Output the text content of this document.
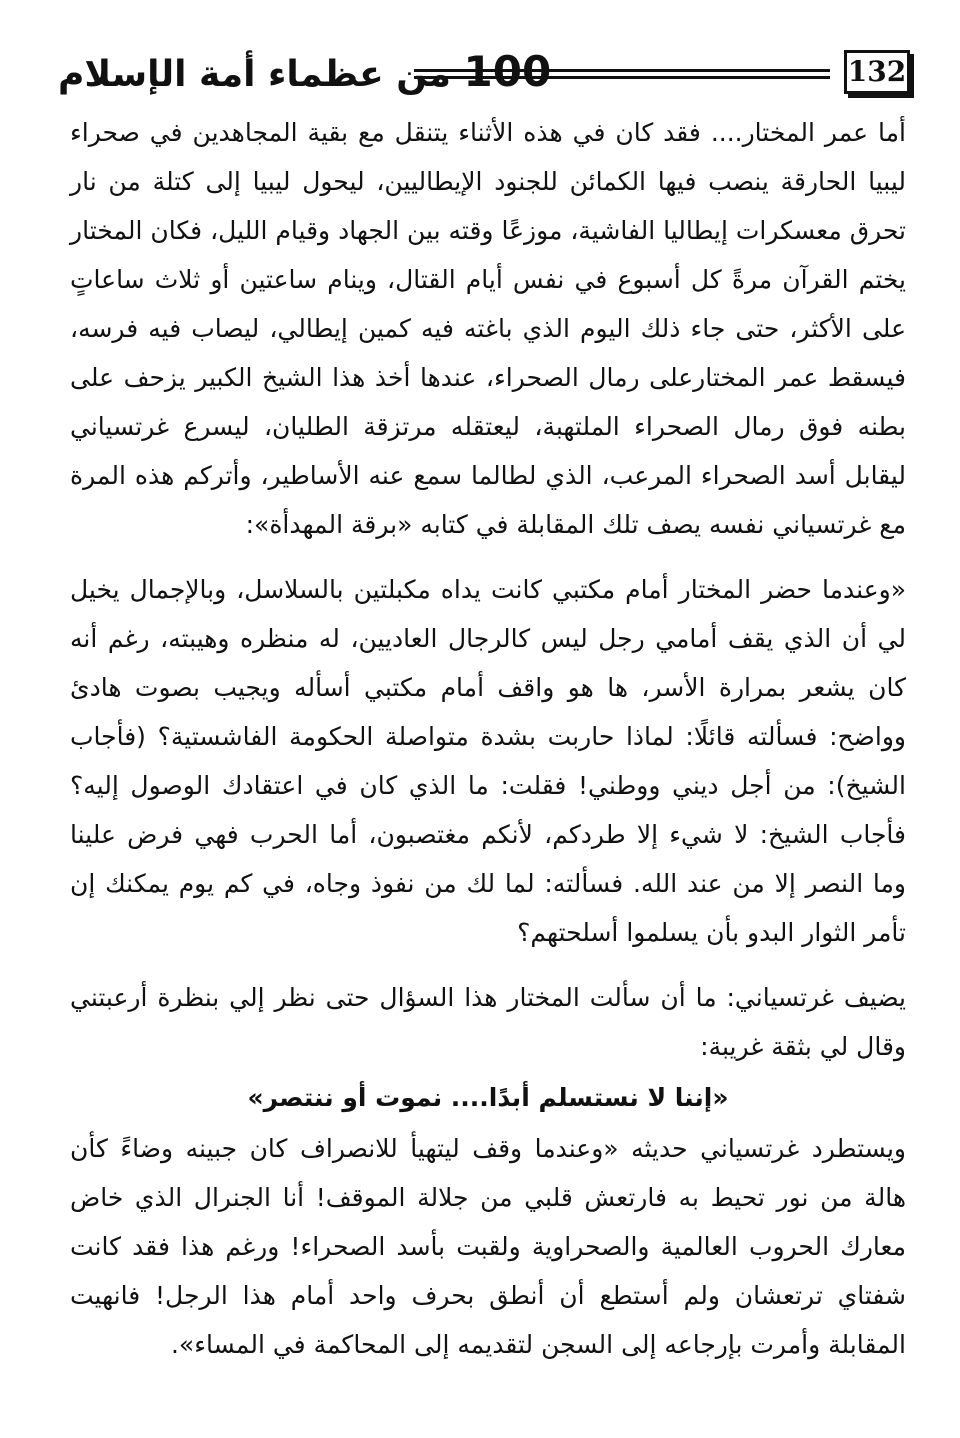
100 من عظماء أمة الإسلام	132

أما عمر المختار.... فقد كان في هذه الأثناء يتنقل مع بقية المجاهدين في صحراء ليبيا الحارقة ينصب فيها الكمائن للجنود الإيطاليين، ليحول ليبيا إلى كتلة من نار تحرق معسكرات إيطاليا الفاشية، موزعًا وقته بين الجهاد وقيام الليل، فكان المختار يختم القرآن مرةً كل أسبوع في نفس أيام القتال، وينام ساعتين أو ثلاث ساعاتٍ على الأكثر، حتى جاء ذلك اليوم الذي باغته فيه كمين إيطالي، ليصاب فيه فرسه، فيسقط عمر المختارعلى رمال الصحراء، عندها أخذ هذا الشيخ الكبير يزحف على بطنه فوق رمال الصحراء الملتهبة، ليعتقله مرتزقة الطليان، ليسرع غرتسياني ليقابل أسد الصحراء المرعب، الذي لطالما سمع عنه الأساطير، وأتركم هذه المرة مع غرتسياني نفسه يصف تلك المقابلة في كتابه «برقة المهدأة»:

«وعندما حضر المختار أمام مكتبي كانت يداه مكبلتين بالسلاسل، وبالإجمال يخيل لي أن الذي يقف أمامي رجل ليس كالرجال العاديين، له منظره وهيبته، رغم أنه كان يشعر بمرارة الأسر، ها هو واقف أمام مكتبي أسأله ويجيب بصوت هادئ وواضح: فسألته قائلًا: لماذا حاربت بشدة متواصلة الحكومة الفاشستية؟ (فأجاب الشيخ): من أجل ديني ووطني! فقلت: ما الذي كان في اعتقادك الوصول إليه؟ فأجاب الشيخ: لا شيء إلا طردكم، لأنكم مغتصبون، أما الحرب فهي فرض علينا وما النصر إلا من عند الله. فسألته: لما لك من نفوذ وجاه، في كم يوم يمكنك إن تأمر الثوار البدو بأن يسلموا أسلحتهم؟

يضيف غرتسياني: ما أن سألت المختار هذا السؤال حتى نظر إلي بنظرة أرعبتني وقال لي بثقة غريبة:

«إننا لا نستسلم أبدًا.... نموت أو ننتصر»

ويستطرد غرتسياني حديثه «وعندما وقف ليتهيأ للانصراف كان جبينه وضاءً كأن هالة من نور تحيط به فارتعش قلبي من جلالة الموقف! أنا الجنرال الذي خاض معارك الحروب العالمية والصحراوية ولقبت بأسد الصحراء! ورغم هذا فقد كانت شفتاي ترتعشان ولم أستطع أن أنطق بحرف واحد أمام هذا الرجل! فانهيت المقابلة وأمرت بإرجاعه إلى السجن لتقديمه إلى المحاكمة في المساء».
